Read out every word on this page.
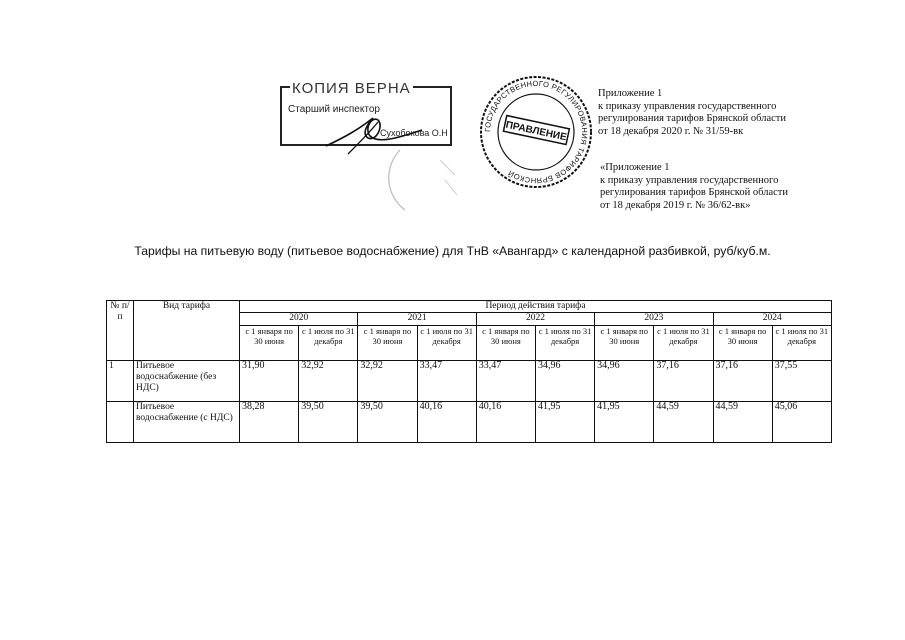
КОПИЯ ВЕРНА
Старший инспектор
Сухобокова О.Н	ГОСУДАРСТВЕННОГО РЕГУЛИРОВАНИЯ ТАРИФОВ БРЯНСКОЙ
ПРАВЛЕНИЕ
Приложение 1
к приказу управления государственного
регулирования тарифов Брянской области
от 18 декабря 2020 г. № 31/59-вк
«Приложение 1
к приказу управления государственного
регулирования тарифов Брянской области
от 18 декабря 2019 г. № 36/62-вк»
Тарифы на питьевую воду (питьевое водоснабжение) для ТнВ «Авангард» с календарной разбивкой, руб/куб.м.
№ п/п	Вид тарифа	Период действия тарифа									
		2020		2021		2022		2023		2024	
		с 1 января по 30 июня	с 1 июля по 31 декабря	с 1 января по 30 июня	с 1 июля по 31 декабря	с 1 января по 30 июня	с 1 июля по 31 декабря	с 1 января по 30 июня	с 1 июля по 31 декабря	с 1 января по 30 июня	с 1 июля по 31 декабря
1	Питьевое водоснабжение (без НДС)	31,90	32,92	32,92	33,47	33,47	34,96	34,96	37,16	37,16	37,55
	Питьевое водоснабжение (с НДС)	38,28	39,50	39,50	40,16	40,16	41,95	41,95	44,59	44,59	45,06
